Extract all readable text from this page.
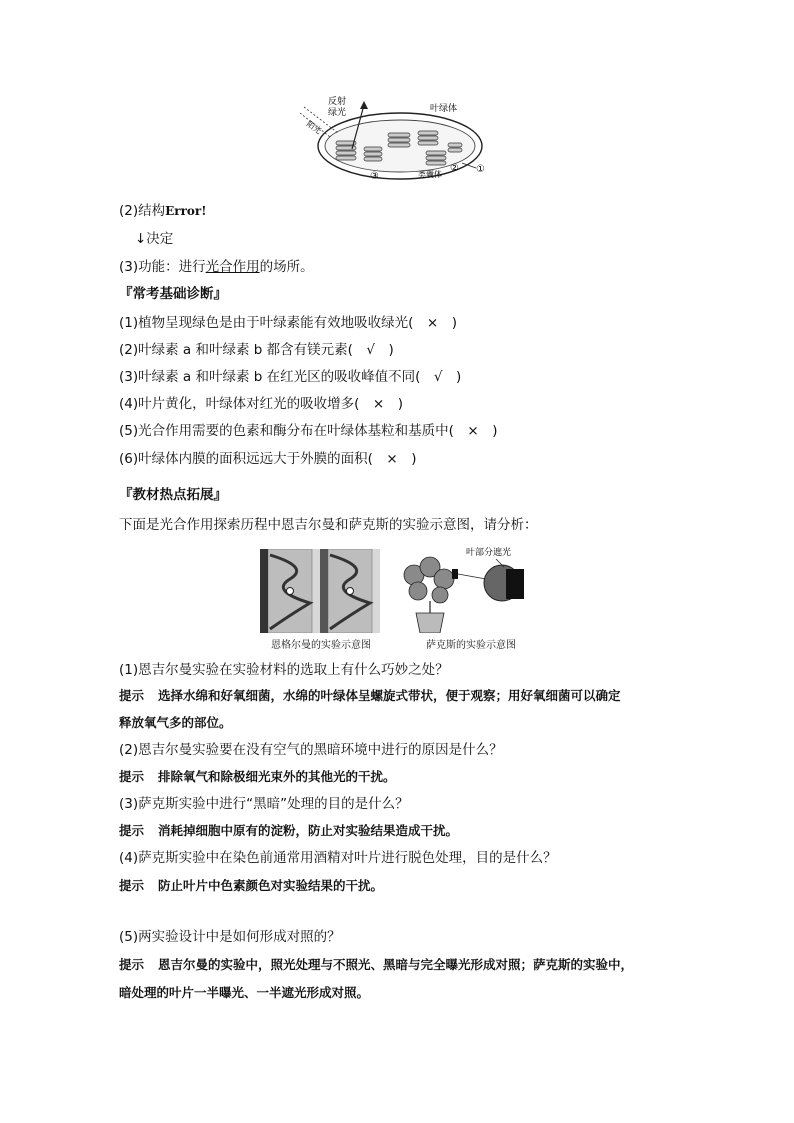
反射
绿光
阳光
叶绿体
类囊体	①
②
③
(2)结构Error!
↓决定
(3)功能：进行光合作用的场所。
『常考基础诊断』
(1)植物呈现绿色是由于叶绿素能有效地吸收绿光(　×　)
(2)叶绿素 a 和叶绿素 b 都含有镁元素(　√　)
(3)叶绿素 a 和叶绿素 b 在红光区的吸收峰值不同(　√　)
(4)叶片黄化，叶绿体对红光的吸收增多(　×　)
(5)光合作用需要的色素和酶分布在叶绿体基粒和基质中(　×　)
(6)叶绿体内膜的面积远远大于外膜的面积(　×　)
『教材热点拓展』
下面是光合作用探索历程中恩吉尔曼和萨克斯的实验示意图，请分析：
恩格尔曼的实验示意图
叶部分遮光
萨克斯的实验示意图
(1)恩吉尔曼实验在实验材料的选取上有什么巧妙之处？
提示 选择水绵和好氧细菌，水绵的叶绿体呈螺旋式带状，便于观察；用好氧细菌可以确定
释放氧气多的部位。
(2)恩吉尔曼实验要在没有空气的黑暗环境中进行的原因是什么？
提示 排除氧气和除极细光束外的其他光的干扰。
(3)萨克斯实验中进行“黑暗”处理的目的是什么？
提示 消耗掉细胞中原有的淀粉，防止对实验结果造成干扰。
(4)萨克斯实验中在染色前通常用酒精对叶片进行脱色处理，目的是什么？
提示 防止叶片中色素颜色对实验结果的干扰。
(5)两实验设计中是如何形成对照的？
提示 恩吉尔曼的实验中，照光处理与不照光、黑暗与完全曝光形成对照；萨克斯的实验中，
暗处理的叶片一半曝光、一半遮光形成对照。
